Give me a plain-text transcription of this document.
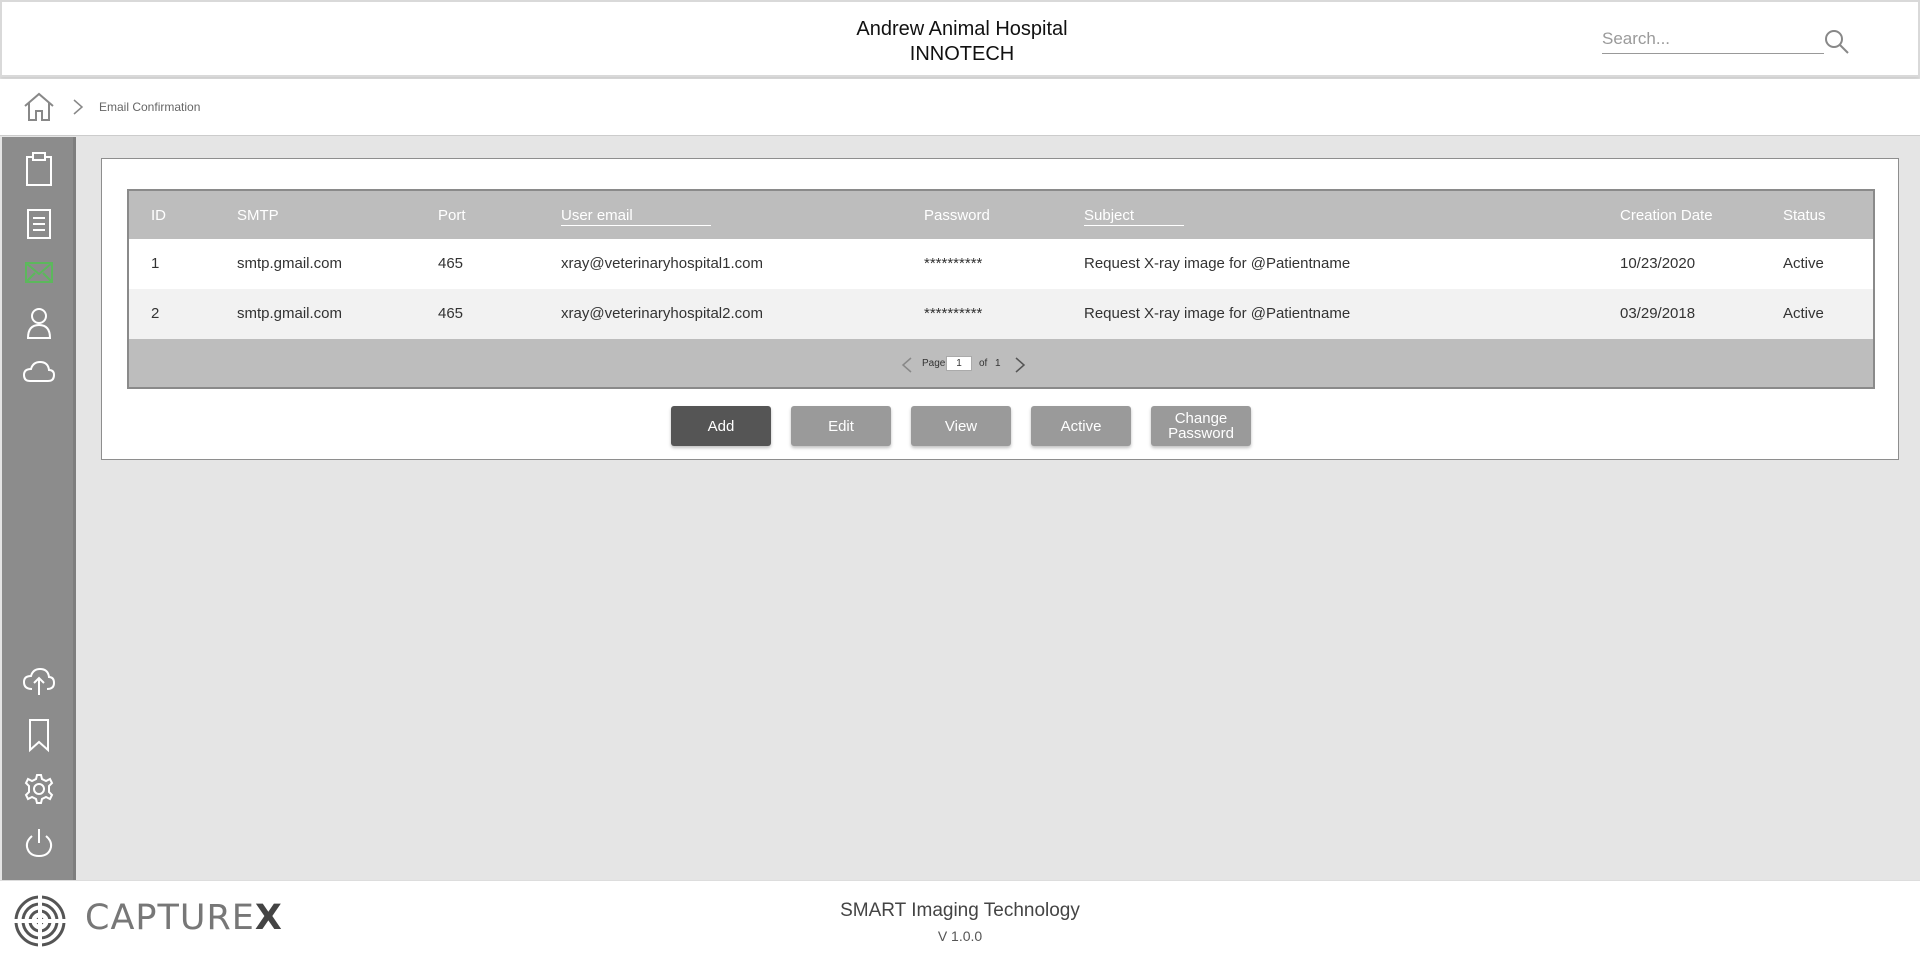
Andrew Animal Hospital
INNOTECH
Search...
Email Confirmation
ID	SMTP	Port	User email	Password	Subject	Creation Date	Status
1	smtp.gmail.com	465	xray@veterinaryhospital1.com	**********	Request X-ray image for @Patientname	10/23/2020	Active
2	smtp.gmail.com	465	xray@veterinaryhospital2.com	**********	Request X-ray image for @Patientname	03/29/2018	Active
Page	1	of 1
Add	Edit	View	Active	Change
Password
CAPTUREX	SMART Imaging Technology
V 1.0.0
